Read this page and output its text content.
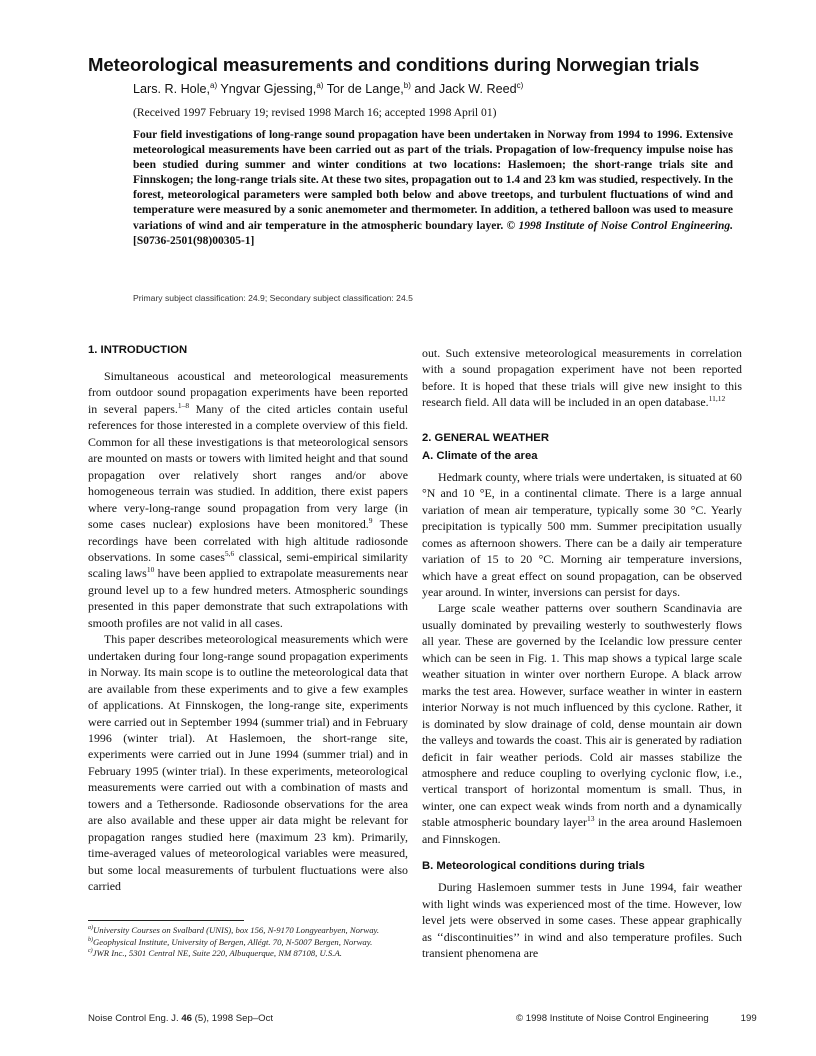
Meteorological measurements and conditions during Norwegian trials

Lars. R. Hole,$^{a)}$ Yngvar Gjessing,$^{a)}$ Tor de Lange,$^{b)}$ and Jack W. Reed$^{c)}$

(Received 1997 February 19; revised 1998 March 16; accepted 1998 April 01)

Four field investigations of long-range sound propagation have been undertaken in Norway from 1994 to 1996. Extensive meteorological measurements have been carried out as part of the trials. Propagation of low-frequency impulse noise has been studied during summer and winter conditions at two locations: Haslemoen; the short-range trials site and Finnskogen; the long-range trials site. At these two sites, propagation out to 1.4 and 23 km was studied, respectively. In the forest, meteorological parameters were sampled both below and above treetops, and turbulent fluctuations of wind and temperature were measured by a sonic anemometer and thermometer. In addition, a tethered balloon was used to measure variations of wind and air temperature in the atmospheric boundary layer. © 1998 Institute of Noise Control Engineering. [S0736-2501(98)00305-1]

Primary subject classification: 24.9; Secondary subject classification: 24.5

1. INTRODUCTION

Simultaneous acoustical and meteorological measurements from outdoor sound propagation experiments have been reported in several papers.$^{1-8}$ Many of the cited articles contain useful references for those interested in a complete overview of this field. Common for all these investigations is that meteorological sensors are mounted on masts or towers with limited height and that sound propagation over relatively short ranges and/or above homogeneous terrain was studied. In addition, there exist papers where very-long-range sound propagation from very large (in some cases nuclear) explosions have been monitored.$^9$ These recordings have been correlated with high altitude radiosonde observations. In some cases$^{5,6}$ classical, semi-empirical similarity scaling laws$^{10}$ have been applied to extrapolate measurements near ground level up to a few hundred meters. Atmospheric soundings presented in this paper demonstrate that such extrapolations with smooth profiles are not valid in all cases.

This paper describes meteorological measurements which were undertaken during four long-range sound propagation experiments in Norway. Its main scope is to outline the meteorological data that are available from these experiments and to give a few examples of applications. At Finnskogen, the long-range site, experiments were carried out in September 1994 (summer trial) and in February 1996 (winter trial). At Haslemoen, the short-range site, experiments were carried out in June 1994 (summer trial) and in February 1995 (winter trial). In these experiments, meteorological measurements were carried out with a combination of masts and towers and a Tethersonde. Radiosonde observations for the area are also available and these upper air data might be relevant for propagation ranges studied here (maximum 23 km). Primarily, time-averaged values of meteorological variables were measured, but some local measurements of turbulent fluctuations were also carried

out. Such extensive meteorological measurements in correlation with a sound propagation experiment have not been reported before. It is hoped that these trials will give new insight to this research field. All data will be included in an open database.$^{11,12}$

2. GENERAL WEATHER
A. Climate of the area

Hedmark county, where trials were undertaken, is situated at 60 °N and 10 °E, in a continental climate. There is a large annual variation of mean air temperature, typically some 30 °C. Yearly precipitation is typically 500 mm. Summer precipitation usually comes as afternoon showers. There can be a daily air temperature variation of 15 to 20 °C. Morning air temperature inversions, which have a great effect on sound propagation, can be observed year around. In winter, inversions can persist for days.

Large scale weather patterns over southern Scandinavia are usually dominated by prevailing westerly to southwesterly flows all year. These are governed by the Icelandic low pressure center which can be seen in Fig. 1. This map shows a typical large scale weather situation in winter over northern Europe. A black arrow marks the test area. However, surface weather in winter in eastern interior Norway is not much influenced by this cyclone. Rather, it is dominated by slow drainage of cold, dense mountain air down the valleys and towards the coast. This air is generated by radiation deficit in fair weather periods. Cold air masses stabilize the atmosphere and reduce coupling to overlying cyclonic flow, i.e., vertical transport of horizontal momentum is small. Thus, in winter, one can expect weak winds from north and a dynamically stable atmospheric boundary layer$^{13}$ in the area around Haslemoen and Finnskogen.

B. Meteorological conditions during trials

During Haslemoen summer tests in June 1994, fair weather with light winds was experienced most of the time. However, low level jets were observed in some cases. These appear graphically as ‘‘discontinuities’’ in wind and also temperature profiles. Such transient phenomena are

$^{a)}$University Courses on Svalbard (UNIS), box 156, N-9170 Longyearbyen, Norway.

$^{b)}$Geophysical Institute, University of Bergen, Allégt. 70, N-5007 Bergen, Norway.

$^{c)}$JWR Inc., 5301 Central NE, Suite 220, Albuquerque, NM 87108, U.S.A.

Noise Control Eng. J. 46 (5), 1998 Sep–Oct	© 1998 Institute of Noise Control Engineering	199
